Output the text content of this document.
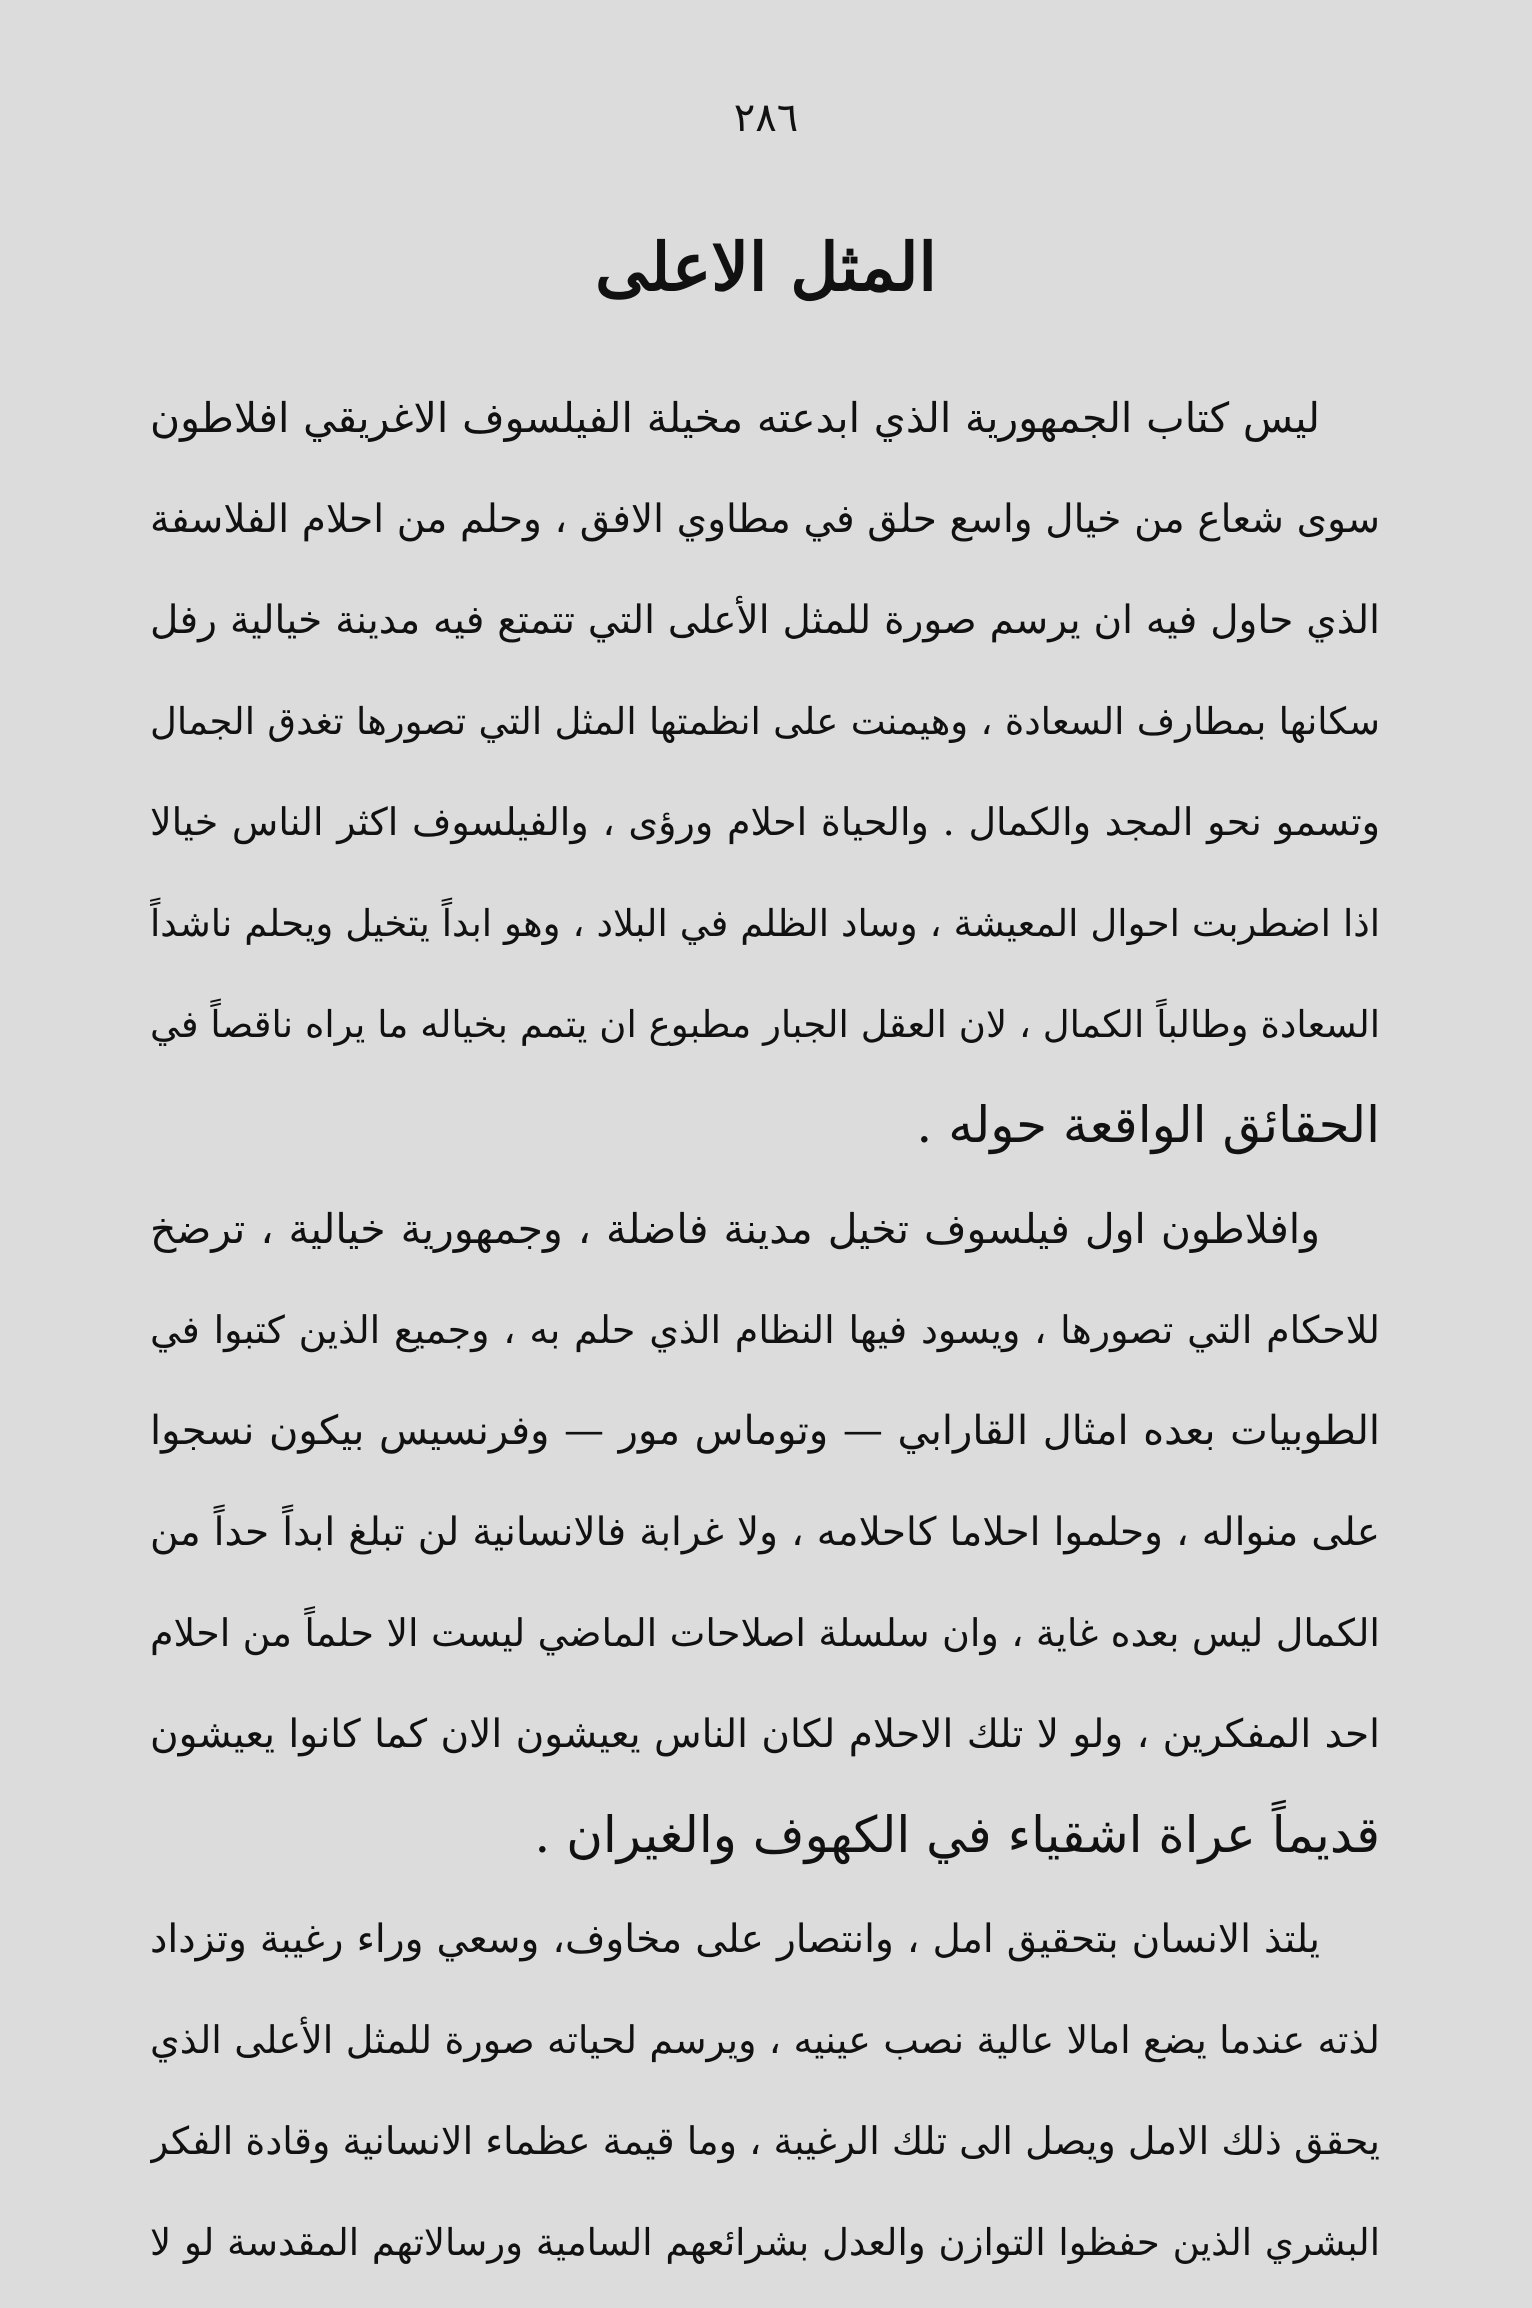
٢٨٦
المثل الاعلى
ليس كتاب الجمهورية الذي ابدعته مخيلة الفيلسوف الاغريقي افلاطون
سوى شعاع من خيال واسع حلق في مطاوي الافق ، وحلم من احلام الفلاسفة
الذي حاول فيه ان يرسم صورة للمثل الأعلى التي تتمتع فيه مدينة خيالية رفل
سكانها بمطارف السعادة ، وهيمنت على انظمتها المثل التي تصورها تغدق الجمال
وتسمو نحو المجد والكمال . والحياة احلام ورؤى ، والفيلسوف اكثر الناس خيالا
اذا اضطربت احوال المعيشة ، وساد الظلم في البلاد ، وهو ابداً يتخيل ويحلم ناشداً
السعادة وطالباً الكمال ، لان العقل الجبار مطبوع ان يتمم بخياله ما يراه ناقصاً في
الحقائق الواقعة حوله .
وافلاطون اول فيلسوف تخيل مدينة فاضلة ، وجمهورية خيالية ، ترضخ
للاحكام التي تصورها ، ويسود فيها النظام الذي حلم به ، وجميع الذين كتبوا في
الطوبيات بعده امثال القارابي — وتوماس مور — وفرنسيس بيكون نسجوا
على منواله ، وحلموا احلاما كاحلامه ، ولا غرابة فالانسانية لن تبلغ ابداً حداً من
الكمال ليس بعده غاية ، وان سلسلة اصلاحات الماضي ليست الا حلماً من احلام
احد المفكرين ، ولو لا تلك الاحلام لكان الناس يعيشون الان كما كانوا يعيشون
قديماً عراة اشقياء في الكهوف والغيران .
يلتذ الانسان بتحقيق امل ، وانتصار على مخاوف، وسعي وراء رغيبة وتزداد
لذته عندما يضع امالا عالية نصب عينيه ، ويرسم لحياته صورة للمثل الأعلى الذي
يحقق ذلك الامل ويصل الى تلك الرغيبة ، وما قيمة عظماء الانسانية وقادة الفكر
البشري الذين حفظوا التوازن والعدل بشرائعهم السامية ورسالاتهم المقدسة لو لا
